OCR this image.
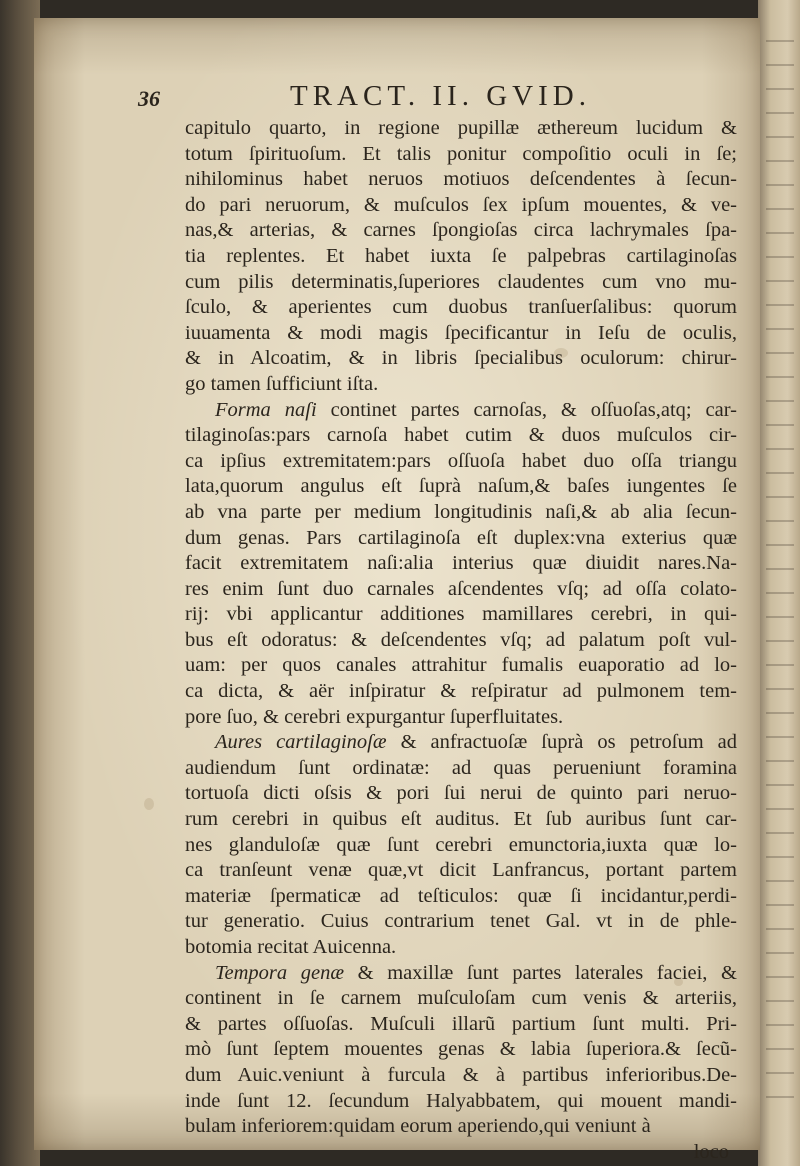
36	TRACT. II. GVID.
capitulo quarto, in regione pupillæ æthereum lucidum &
totum ſpirituoſum. Et talis ponitur compoſitio oculi in ſe;
nihilominus habet neruos motiuos deſcendentes à ſecun-
do pari neruorum, & muſculos ſex ipſum mouentes, & ve-
nas,& arterias, & carnes ſpongioſas circa lachrymales ſpa-
tia replentes. Et habet iuxta ſe palpebras cartilaginoſas
cum pilis determinatis,ſuperiores claudentes cum vno mu-
ſculo, & aperientes cum duobus tranſuerſalibus: quorum
iuuamenta & modi magis ſpecificantur in Ieſu de oculis,
& in Alcoatim, & in libris ſpecialibus oculorum: chirur-
go tamen ſufficiunt iſta.
Forma naſi continet partes carnoſas, & oſſuoſas,atq; car-
tilaginoſas:pars carnoſa habet cutim & duos muſculos cir-
ca ipſius extremitatem:pars oſſuoſa habet duo oſſa triangu
lata,quorum angulus eſt ſuprà naſum,& baſes iungentes ſe
ab vna parte per medium longitudinis naſi,& ab alia ſecun-
dum genas. Pars cartilaginoſa eſt duplex:vna exterius quæ
facit extremitatem naſi:alia interius quæ diuidit nares.Na-
res enim ſunt duo carnales aſcendentes vſq; ad oſſa colato-
rij: vbi applicantur additiones mamillares cerebri, in qui-
bus eſt odoratus: & deſcendentes vſq; ad palatum poſt vul-
uam: per quos canales attrahitur fumalis euaporatio ad lo-
ca dicta, & aër inſpiratur & reſpiratur ad pulmonem tem-
pore ſuo, & cerebri expurgantur ſuperfluitates.
Aures cartilaginoſæ & anfractuoſæ ſuprà os petroſum ad
audiendum ſunt ordinatæ: ad quas perueniunt foramina
tortuoſa dicti oſsis & pori ſui nerui de quinto pari neruo-
rum cerebri in quibus eſt auditus. Et ſub auribus ſunt car-
nes glanduloſæ quæ ſunt cerebri emunctoria,iuxta quæ lo-
ca tranſeunt venæ quæ,vt dicit Lanfrancus, portant partem
materiæ ſpermaticæ ad teſticulos: quæ ſi incidantur,perdi-
tur generatio. Cuius contrarium tenet Gal. vt in de phle-
botomia recitat Auicenna.
Tempora genæ & maxillæ ſunt partes laterales faciei, &
continent in ſe carnem muſculoſam cum venis & arteriis,
& partes oſſuoſas. Muſculi illarũ partium ſunt multi. Pri-
mò ſunt ſeptem mouentes genas & labia ſuperiora.& ſecũ-
dum Auic.veniunt à furcula & à partibus inferioribus.De-
inde ſunt 12. ſecundum Halyabbatem, qui mouent mandi-
bulam inferiorem:quidam eorum aperiendo,qui veniunt à
loco
